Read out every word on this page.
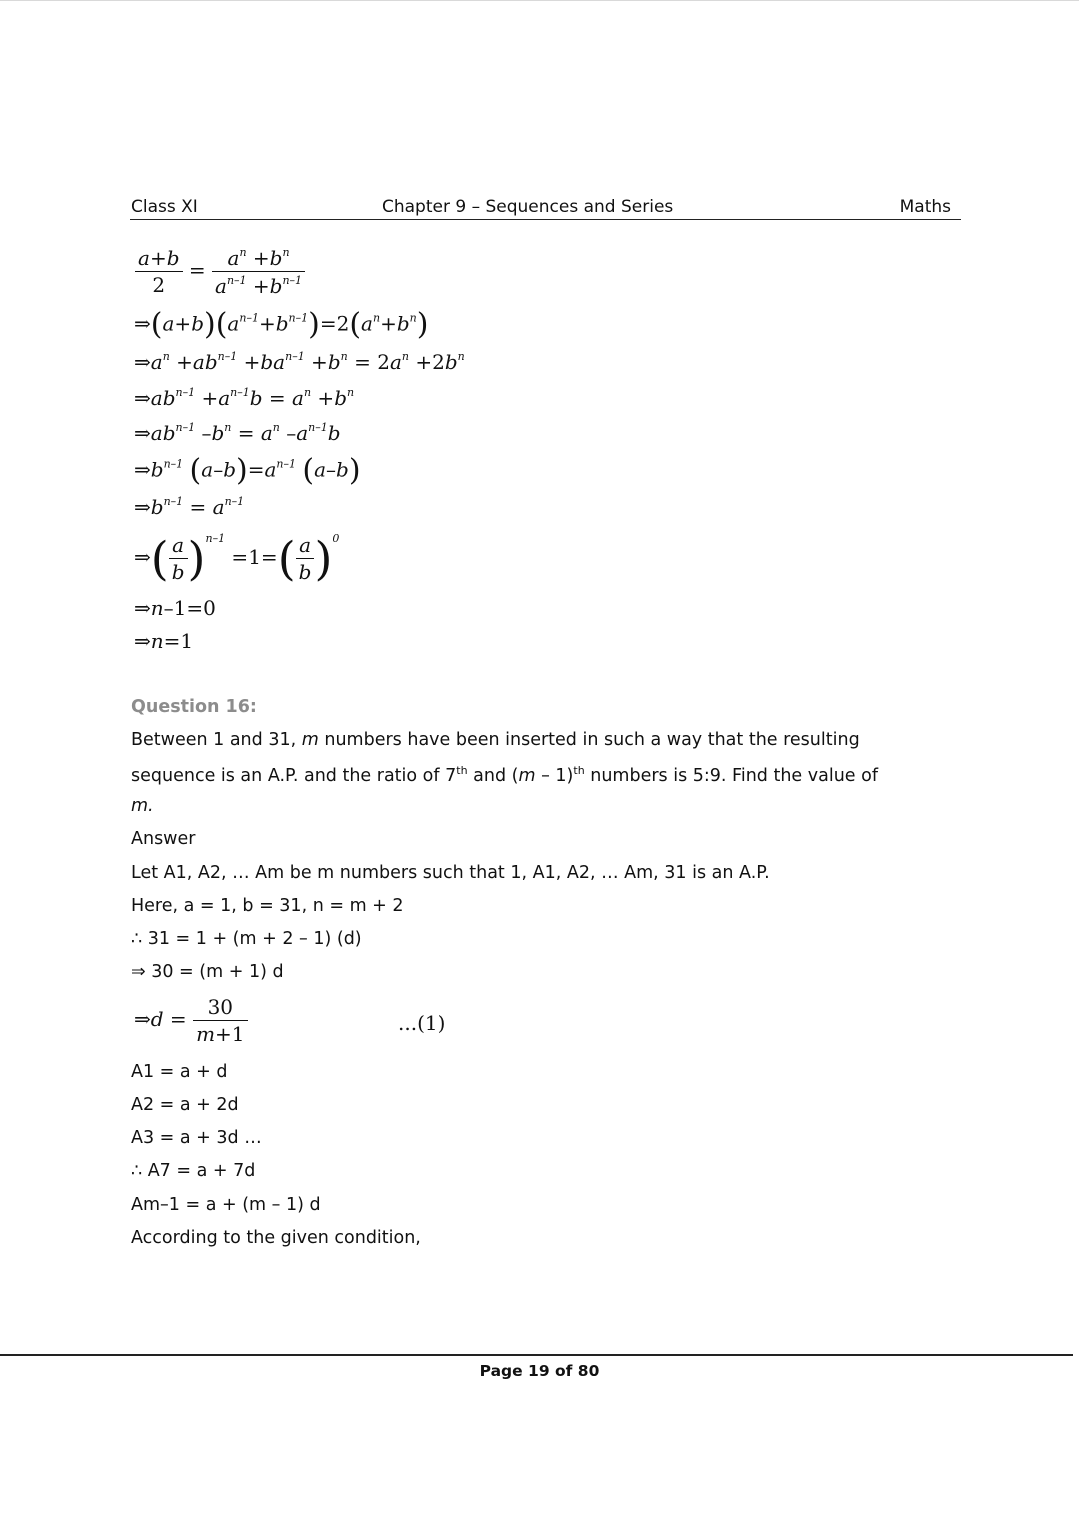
Class XI	Chapter 9 – Sequences and Series	Maths
$\frac{a+b}{2} = \frac{a^n +b^n}{a^{n-1} +b^{n-1}}$
$\Rightarrow(a+b)(a^{n-1}+b^{n-1})=2(a^n+b^n)$
$\Rightarrow a^n +ab^{n-1} +ba^{n-1} +b^n = 2a^n +2b^n$
$\Rightarrow ab^{n-1} +a^{n-1}b = a^n +b^n$
$\Rightarrow ab^{n-1}$ $-b^n = a^n$ $-a^{n-1}b$
$\Rightarrow b^{n-1}$ $(a-b)=a^{n-1}$ (a–b)
$\Rightarrow b^{n-1} = a^{n-1}$
⇒( $\frac{a}{b} )^{n-1} =1=( \frac{a}{b} )^0$
⇒n–1=0
⇒n=1
Question 16:
Between 1 and 31, m numbers have been inserted in such a way that the resulting
sequence is an A.P. and the ratio of 7th and (m – 1)$^{th}$ numbers is 5:9. Find the value of
m.
Answer
Let A1, A2, … Am be m numbers such that 1, A1, A2, … Am, 31 is an A.P.
Here, a = 1, b = 31, n = m + 2
∴ 31 = 1 + (m + 2 – 1) (d)
⇒ 30 = (m + 1) d
⇒d = $\frac{30}{m+1}$	...(1)
A1 = a + d
A2 = a + 2d
A3 = a + 3d …
∴ A7 = a + 7d
Am–1 = a + (m – 1) d
According to the given condition,
Page 19 of 80
